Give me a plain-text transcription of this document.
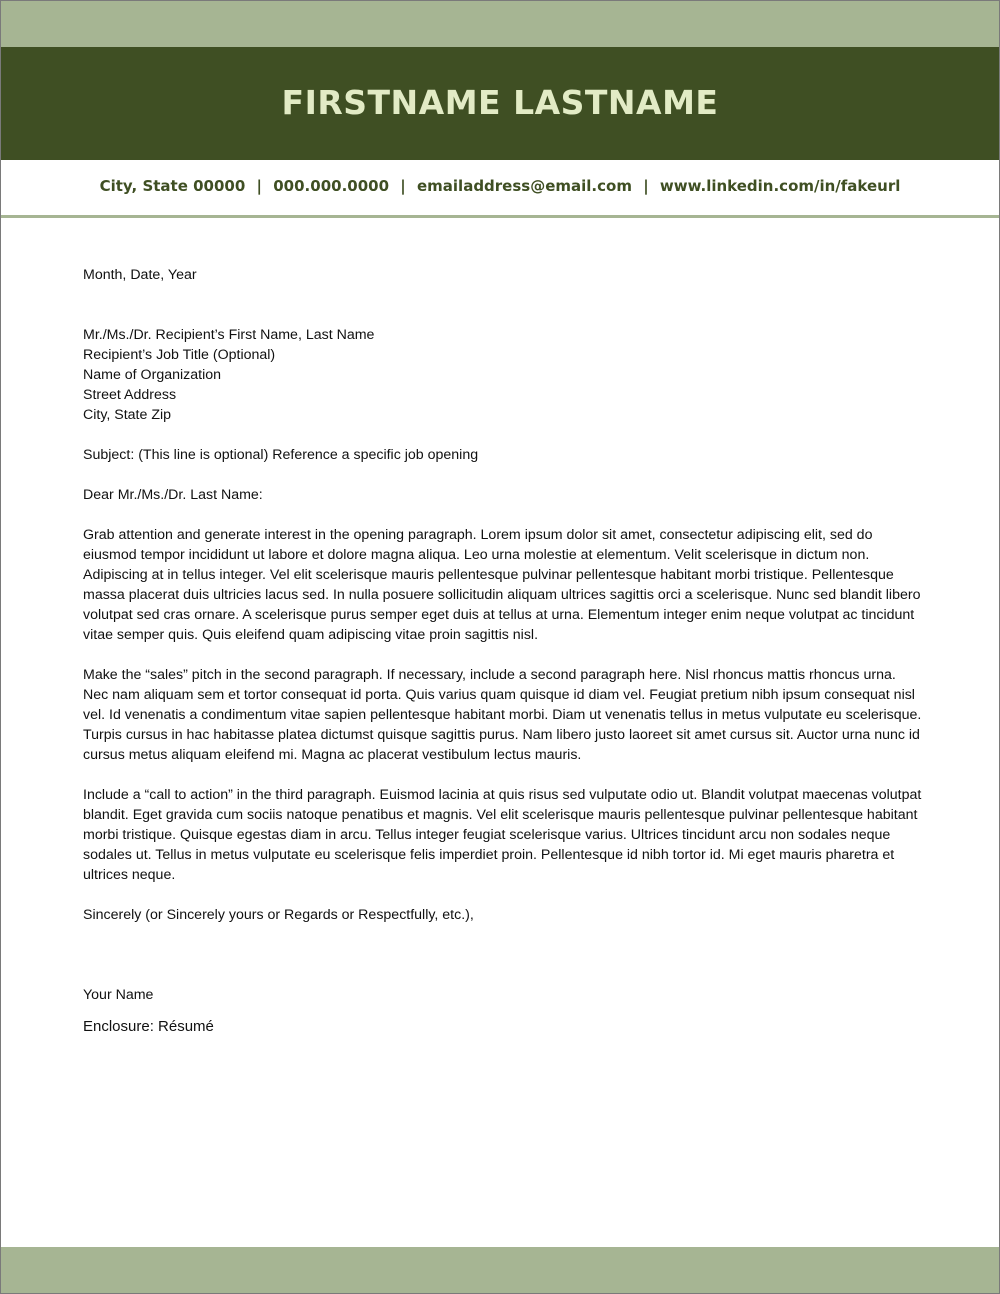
FIRSTNAME LASTNAME
City, State 00000 | 000.000.0000 | emailaddress@email.com | www.linkedin.com/in/fakeurl

Month, Date, Year

Mr./Ms./Dr. Recipient’s First Name, Last Name
Recipient’s Job Title (Optional)
Name of Organization
Street Address
City, State Zip

Subject: (This line is optional) Reference a specific job opening

Dear Mr./Ms./Dr. Last Name:

Grab attention and generate interest in the opening paragraph. Lorem ipsum dolor sit amet, consectetur adipiscing elit, sed do eiusmod tempor incididunt ut labore et dolore magna aliqua. Leo urna molestie at elementum. Velit scelerisque in dictum non. Adipiscing at in tellus integer. Vel elit scelerisque mauris pellentesque pulvinar pellentesque habitant morbi tristique. Pellentesque massa placerat duis ultricies lacus sed. In nulla posuere sollicitudin aliquam ultrices sagittis orci a scelerisque. Nunc sed blandit libero volutpat sed cras ornare. A scelerisque purus semper eget duis at tellus at urna. Elementum integer enim neque volutpat ac tincidunt vitae semper quis. Quis eleifend quam adipiscing vitae proin sagittis nisl.

Make the “sales” pitch in the second paragraph. If necessary, include a second paragraph here. Nisl rhoncus mattis rhoncus urna. Nec nam aliquam sem et tortor consequat id porta. Quis varius quam quisque id diam vel. Feugiat pretium nibh ipsum consequat nisl vel. Id venenatis a condimentum vitae sapien pellentesque habitant morbi. Diam ut venenatis tellus in metus vulputate eu scelerisque. Turpis cursus in hac habitasse platea dictumst quisque sagittis purus. Nam libero justo laoreet sit amet cursus sit. Auctor urna nunc id cursus metus aliquam eleifend mi. Magna ac placerat vestibulum lectus mauris.

Include a “call to action” in the third paragraph. Euismod lacinia at quis risus sed vulputate odio ut. Blandit volutpat maecenas volutpat blandit. Eget gravida cum sociis natoque penatibus et magnis. Vel elit scelerisque mauris pellentesque pulvinar pellentesque habitant morbi tristique. Quisque egestas diam in arcu. Tellus integer feugiat scelerisque varius. Ultrices tincidunt arcu non sodales neque sodales ut. Tellus in metus vulputate eu scelerisque felis imperdiet proin. Pellentesque id nibh tortor id. Mi eget mauris pharetra et ultrices neque.

Sincerely (or Sincerely yours or Regards or Respectfully, etc.),

Your Name

Enclosure: Résumé
